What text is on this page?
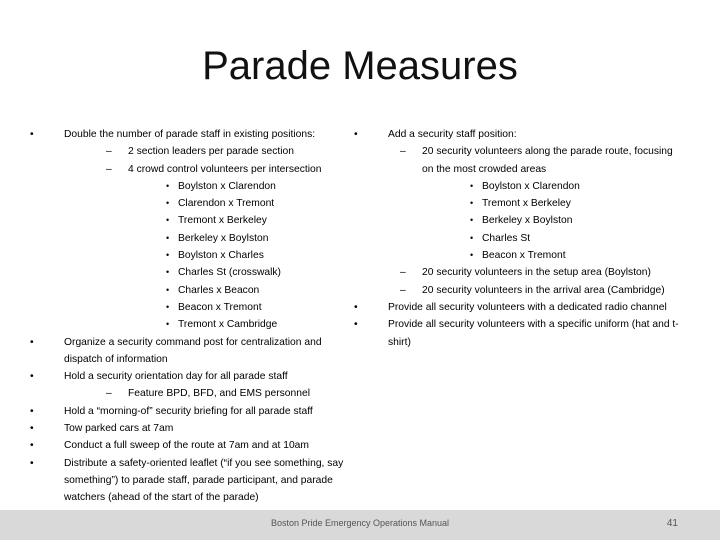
Parade Measures
•	Double the number of parade staff in existing positions:
– 2 section leaders per parade section
– 4 crowd control volunteers per intersection
• Boylston x Clarendon
• Clarendon x Tremont
• Tremont x Berkeley
• Berkeley x Boylston
• Boylston x Charles
• Charles St (crosswalk)
• Charles x Beacon
• Beacon x Tremont
• Tremont x Cambridge
•	Organize a security command post for centralization and dispatch of information
•	Hold a security orientation day for all parade staff
– Feature BPD, BFD, and EMS personnel
•	Hold a “morning-of” security briefing for all parade staff
•	Tow parked cars at 7am
•	Conduct a full sweep of the route at 7am and at 10am
•	Distribute a safety-oriented leaflet (“if you see something, say something”) to parade staff, parade participant, and parade watchers (ahead of the start of the parade)
•	Add a security staff position:
– 20 security volunteers along the parade route, focusing on the most crowded areas
• Boylston x Clarendon
• Tremont x Berkeley
• Berkeley x Boylston
• Charles St
• Beacon x Tremont
– 20 security volunteers in the setup area (Boylston)
– 20 security volunteers in the arrival area (Cambridge)
•	Provide all security volunteers with a dedicated radio channel
•	Provide all security volunteers with a specific uniform (hat and t-shirt)
Boston Pride Emergency Operations Manual	41
